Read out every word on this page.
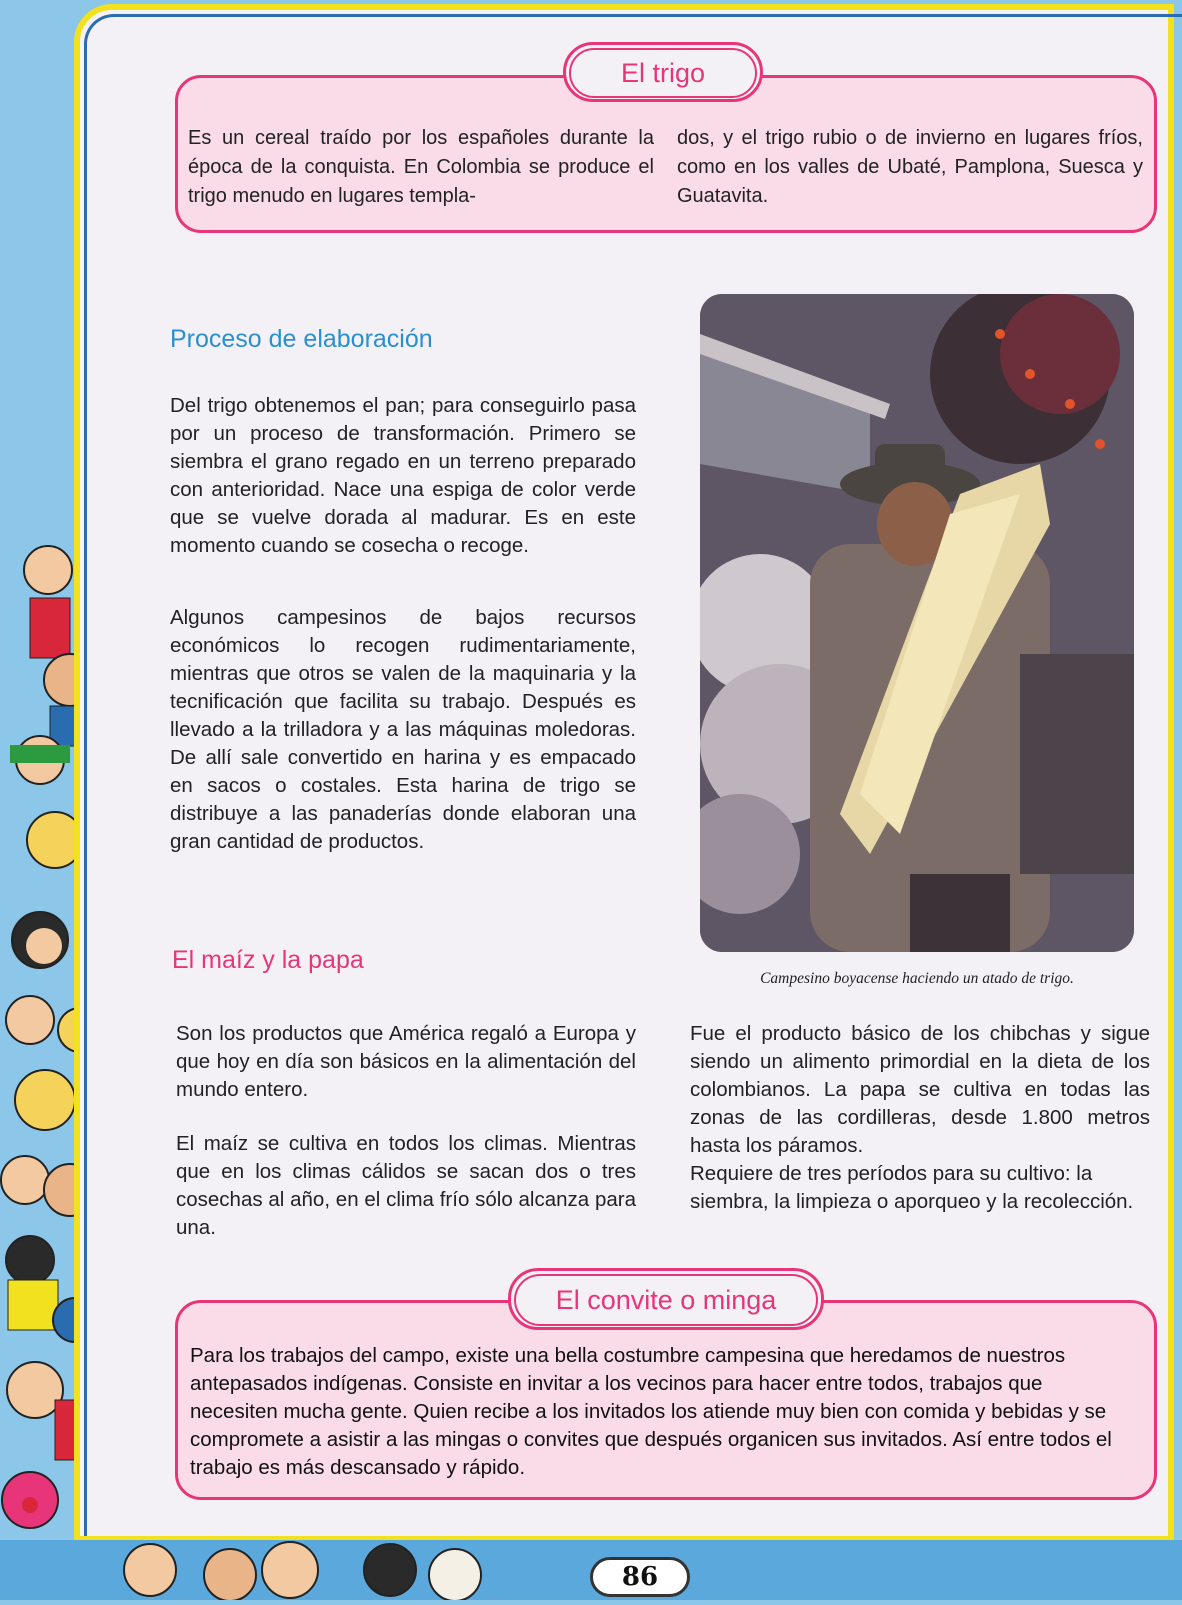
El trigo
Es un cereal traído por los españoles durante la época de la conquista. En Colombia se produce el trigo menudo en lugares templa-
dos, y el trigo rubio o de invierno en lugares fríos, como en los valles de Ubaté, Pamplona, Suesca y Guatavita.
Proceso de elaboración

Del trigo obtenemos el pan; para conseguirlo pasa por un proceso de transformación. Primero se siembra el grano regado en un terreno preparado con anterioridad. Nace una espiga de color verde que se vuelve dorada al madurar. Es en este momento cuando se cosecha o recoge.

Algunos campesinos de bajos recursos económicos lo recogen rudimentariamente, mientras que otros se valen de la maquinaria y la tecnificación que facilita su trabajo. Después es llevado a la trilladora y a las máquinas moledoras. De allí sale convertido en harina y es empacado en sacos o costales. Esta harina de trigo se distribuye a las panaderías donde elaboran una gran cantidad de productos.

Campesino boyacense haciendo un atado de trigo.
El maíz y la papa

Son los productos que América regaló a Europa y que hoy en día son básicos en la alimentación del mundo entero.

El maíz se cultiva en todos los climas. Mientras que en los climas cálidos se sacan dos o tres cosechas al año, en el clima frío sólo alcanza para una.

Fue el producto básico de los chibchas y sigue siendo un alimento primordial en la dieta de los colombianos. La papa se cultiva en todas las zonas de las cordilleras, desde 1.800 metros hasta los páramos.

Requiere de tres períodos para su cultivo: la siembra, la limpieza o aporqueo y la recolección.

El convite o minga

Para los trabajos del campo, existe una bella costumbre campesina que heredamos de nuestros antepasados indígenas. Consiste en invitar a los vecinos para hacer entre todos, trabajos que necesiten mucha gente. Quien recibe a los invitados los atiende muy bien con comida y bebidas y se compromete a asistir a las mingas o convites que después organicen sus invitados. Así entre todos el trabajo es más descansado y rápido.

86
